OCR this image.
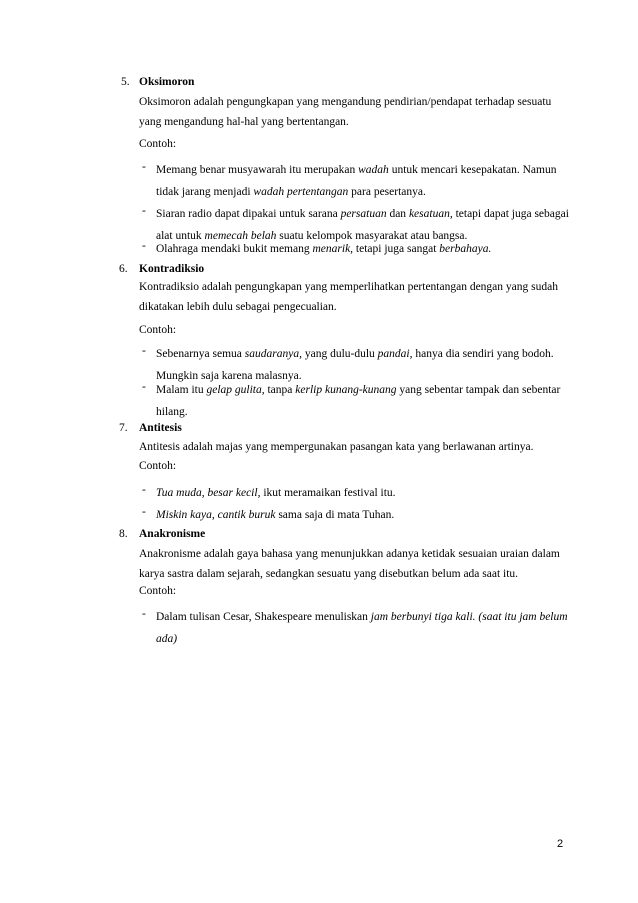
5. Oksimoron

Oksimoron adalah pengungkapan yang mengandung pendirian/pendapat terhadap sesuatu yang mengandung hal-hal yang bertentangan.

Contoh:
- Memang benar musyawarah itu merupakan wadah untuk mencari kesepakatan. Namun tidak jarang menjadi wadah pertentangan para pesertanya.
- Siaran radio dapat dipakai untuk sarana persatuan dan kesatuan, tetapi dapat juga sebagai alat untuk memecah belah suatu kelompok masyarakat atau bangsa.
- Olahraga mendaki bukit memang menarik, tetapi juga sangat berbahaya.
6. Kontradiksio

Kontradiksio adalah pengungkapan yang memperlihatkan pertentangan dengan yang sudah dikatakan lebih dulu sebagai pengecualian.

Contoh:
- Sebenarnya semua saudaranya, yang dulu-dulu pandai, hanya dia sendiri yang bodoh. Mungkin saja karena malasnya.
- Malam itu gelap gulita, tanpa kerlip kunang-kunang yang sebentar tampak dan sebentar hilang.
7. Antitesis

Antitesis adalah majas yang mempergunakan pasangan kata yang berlawanan artinya.

Contoh:
- Tua muda, besar kecil, ikut meramaikan festival itu.
- Miskin kaya, cantik buruk sama saja di mata Tuhan.
8. Anakronisme

Anakronisme adalah gaya bahasa yang menunjukkan adanya ketidak sesuaian uraian dalam karya sastra dalam sejarah, sedangkan sesuatu yang disebutkan belum ada saat itu.

Contoh:
- Dalam tulisan Cesar, Shakespeare menuliskan jam berbunyi tiga kali. (saat itu jam belum ada)
2
